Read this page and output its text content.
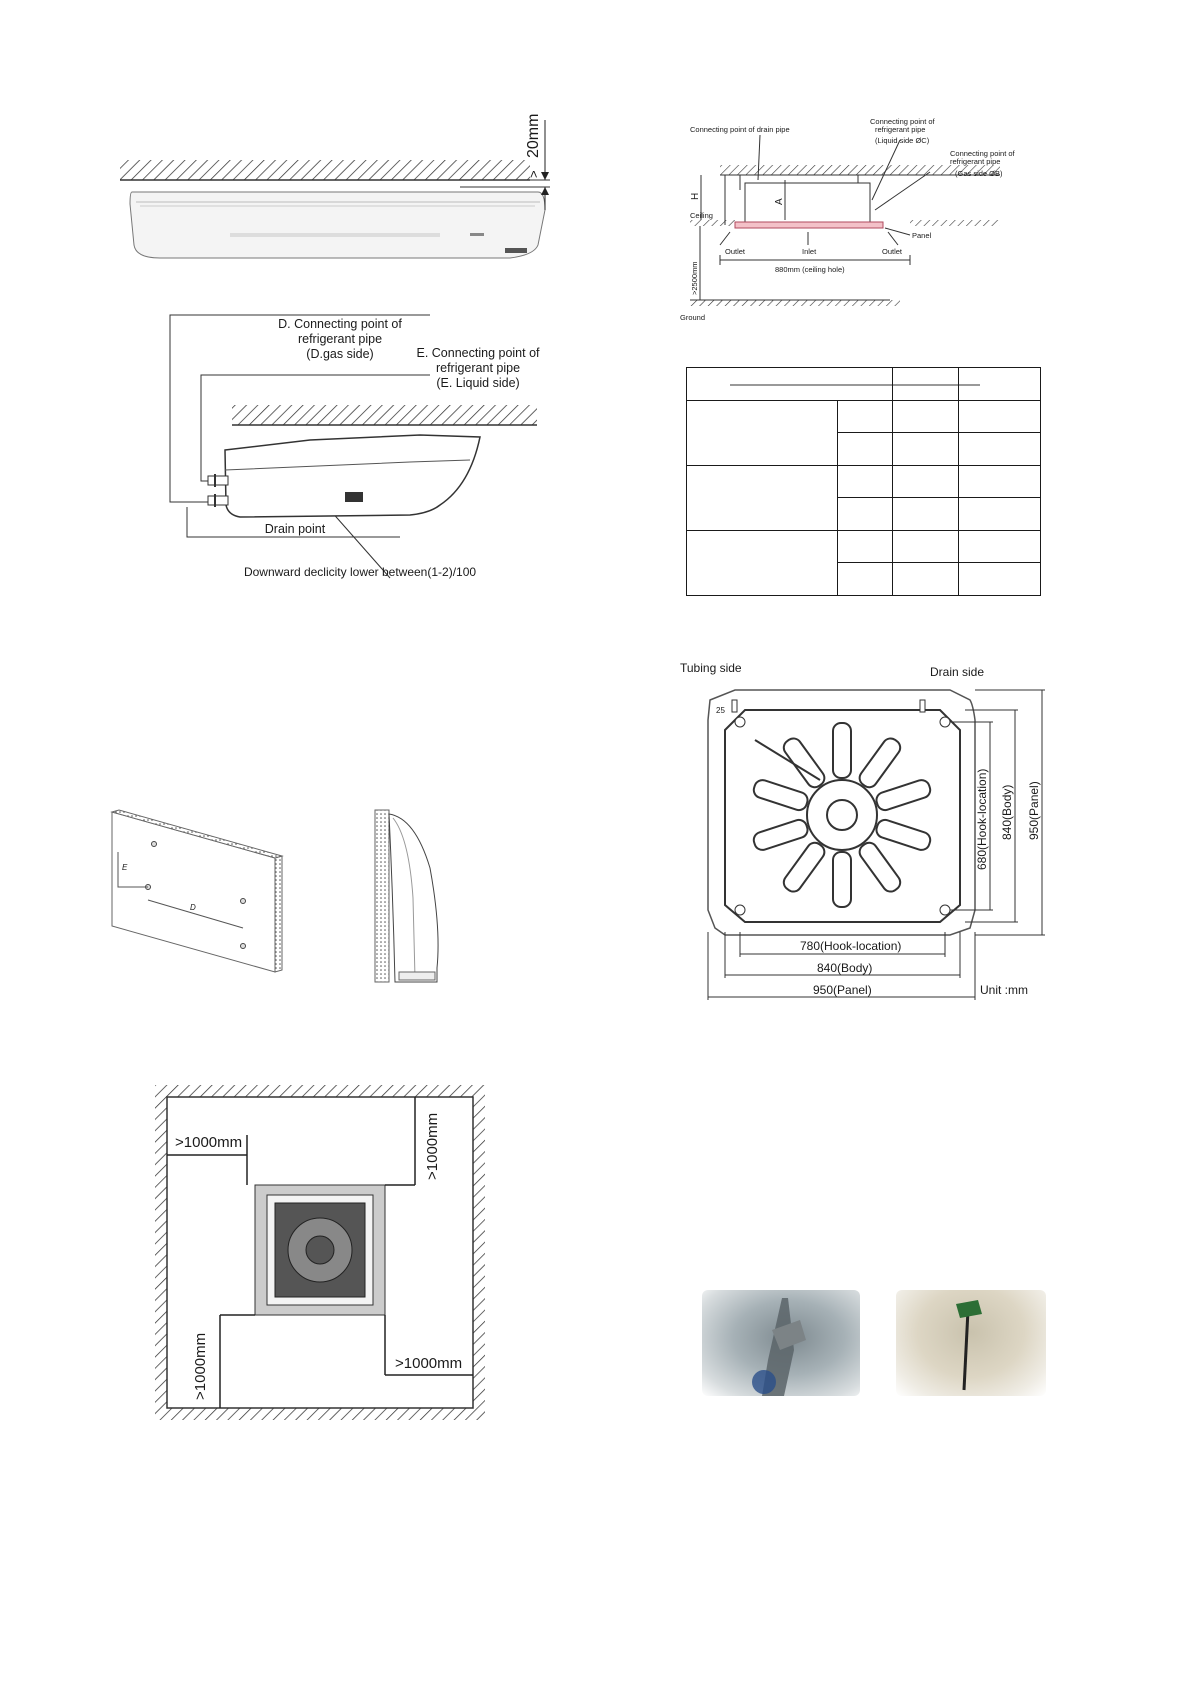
20mm
>
D. Connecting point of
refrigerant pipe
(D.gas side)	E. Connecting point of
refrigerant pipe
(E. Liquid side)
Drain point
Downward declicity lower between(1-2)/100
H
A
Connecting point of drain pipe
Connecting point of
refrigerant pipe
(Liquid side ØC)
Connecting point of
refrigerant pipe
(Gas side ØB)
Ceiling
Panel
Outlet	Inlet	Outlet
880mm (ceiling hole)
>2500mm
Ground

E
D
Tubing side	Drain side
780(Hook-location)
840(Body)
950(Panel)
680(Hook-location) 840(Body) 950(Panel)
Unit :mm
25
>1000mm	>1000mm
>1000mm
>1000mm
